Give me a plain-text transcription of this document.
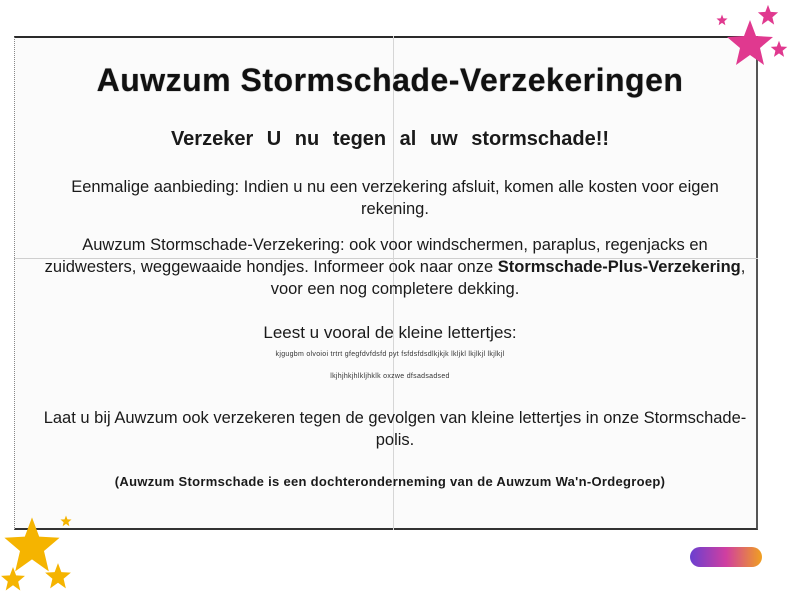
Auwzum Stormschade-Verzekeringen
Verzeker U nu tegen al uw stormschade!!
Eenmalige aanbieding: Indien u nu een verzekering afsluit, komen alle kosten voor eigen rekening.
Auwzum Stormschade-Verzekering: ook voor windschermen, paraplus, regenjacks en zuidwesters, weggewaaide hondjes. Informeer ook naar onze Stormschade-Plus-Verzekering, voor een nog completere dekking.
Leest u vooral de kleine lettertjes:
kjgugbm olvoioi trtrt gfegfdvfdsfd pyt fsfdsfdsdlkjkjk lkljkl lkjlkjl lkjlkjl
lkjhjhkjhlkljhklk oxzwe dfsadsadsed
Laat u bij Auwzum ook verzekeren tegen de gevolgen van kleine lettertjes in onze Stormschade-polis.
(Auwzum Stormschade is een dochteronderneming van de Auwzum Wa'n-Ordegroep)
